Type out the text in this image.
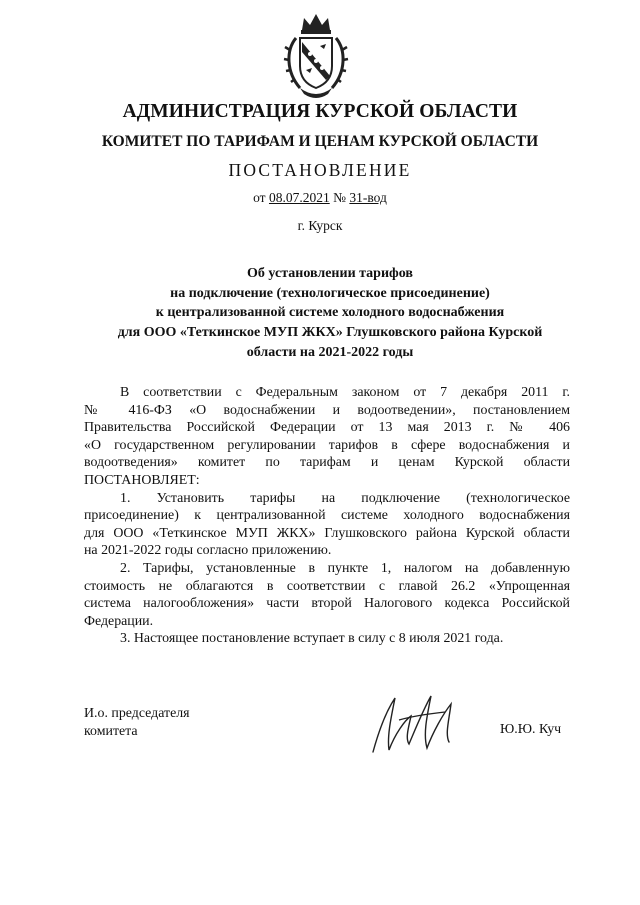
АДМИНИСТРАЦИЯ КУРСКОЙ ОБЛАСТИ
КОМИТЕТ ПО ТАРИФАМ И ЦЕНАМ КУРСКОЙ ОБЛАСТИ
ПОСТАНОВЛЕНИЕ
от 08.07.2021 № 31-вод
г. Курск
Об установлении тарифов
на подключение (технологическое присоединение)
к централизованной системе холодного водоснабжения
для ООО «Теткинское МУП ЖКХ» Глушковского района Курской
области на 2021-2022 годы
В соответствии с Федеральным законом от 7 декабря 2011 г.
№ 416-ФЗ «О водоснабжении и водоотведении», постановлением
Правительства Российской Федерации от 13 мая 2013 г. № 406
«О государственном регулировании тарифов в сфере водоснабжения и
водоотведения» комитет по тарифам и ценам Курской области
ПОСТАНОВЛЯЕТ:
1. Установить тарифы на подключение (технологическое
присоединение) к централизованной системе холодного водоснабжения
для ООО «Теткинское МУП ЖКХ» Глушковского района Курской области
на 2021-2022 годы согласно приложению.
2. Тарифы, установленные в пункте 1, налогом на добавленную
стоимость не облагаются в соответствии с главой 26.2 «Упрощенная
система налогообложения» части второй Налогового кодекса Российской
Федерации.
3. Настоящее постановление вступает в силу с 8 июля 2021 года.
И.о. председателя
комитета	Ю.Ю. Куч
